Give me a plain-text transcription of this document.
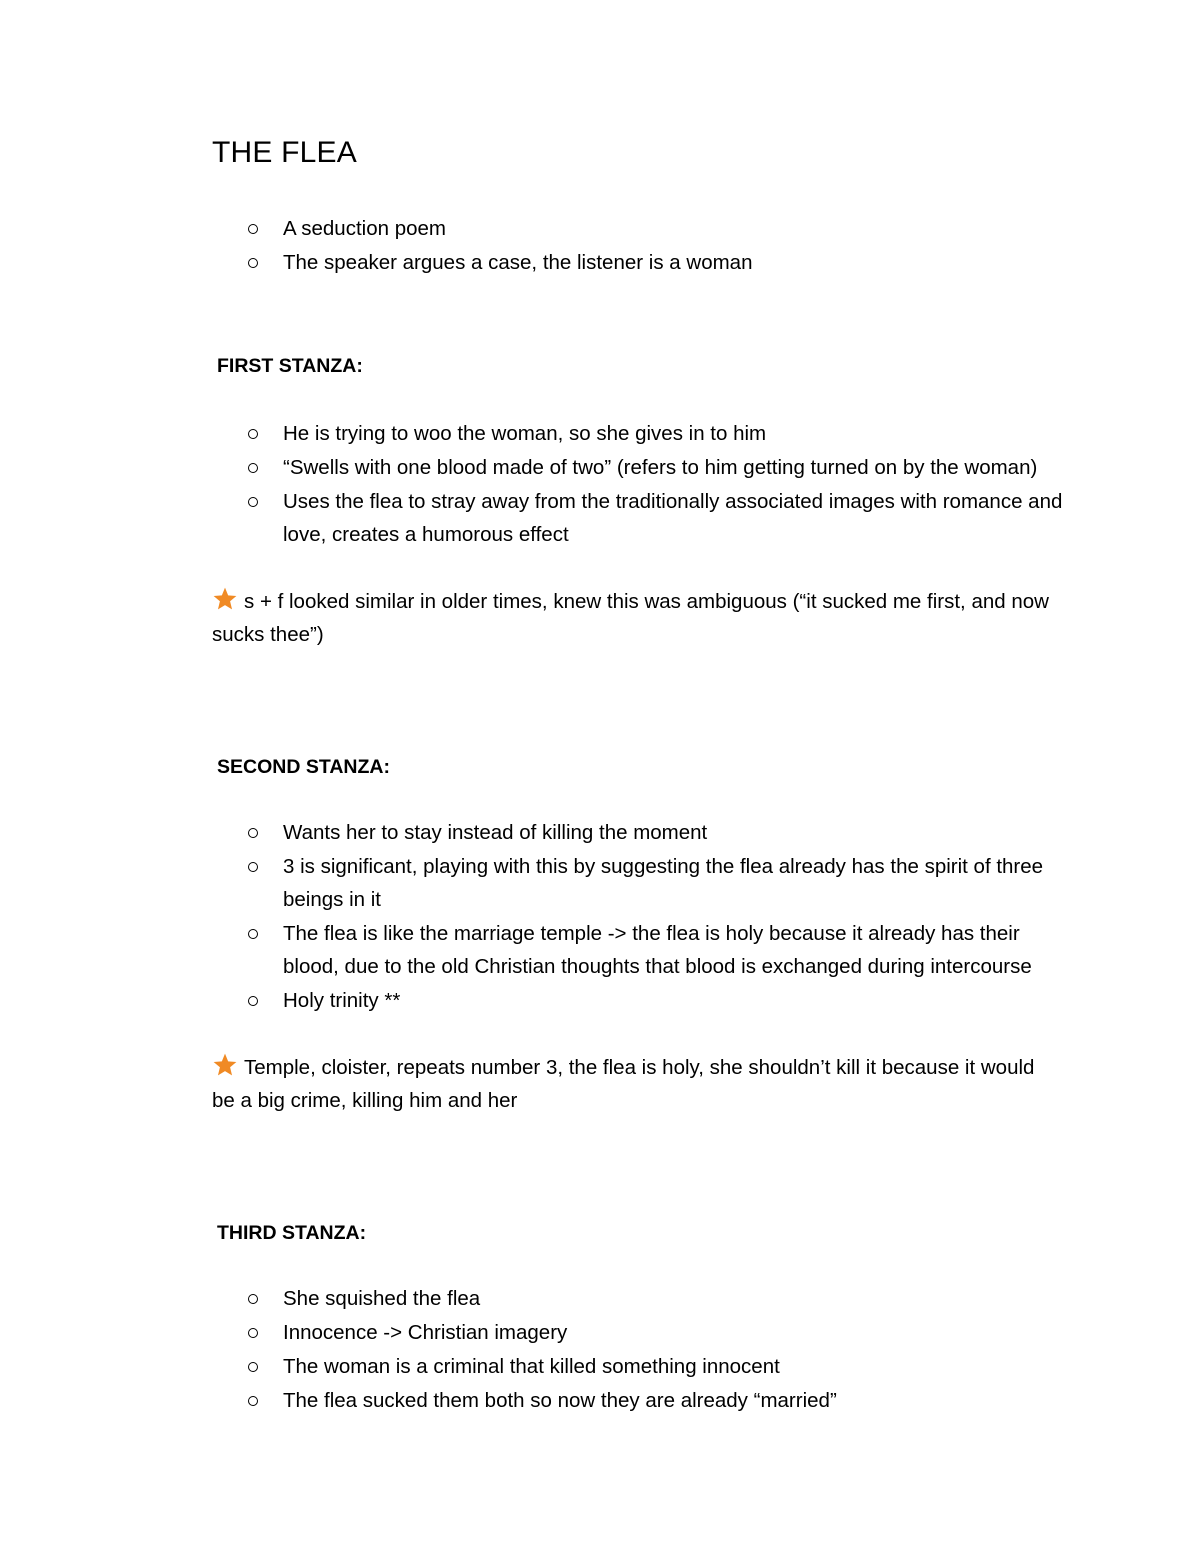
THE FLEA
A seduction poem
The speaker argues a case, the listener is a woman
FIRST STANZA:
He is trying to woo the woman, so she gives in to him
“Swells with one blood made of two” (refers to him getting turned on by the woman)
Uses the flea to stray away from the traditionally associated images with romance and love, creates a humorous effect
s + f looked similar in older times, knew this was ambiguous (“it sucked me first, and now sucks thee”)
SECOND STANZA:
Wants her to stay instead of killing the moment
3 is significant, playing with this by suggesting the flea already has the spirit of three beings in it
The flea is like the marriage temple -> the flea is holy because it already has their blood, due to the old Christian thoughts that blood is exchanged during intercourse
Holy trinity **
Temple, cloister, repeats number 3, the flea is holy, she shouldn’t kill it because it would be a big crime, killing him and her
THIRD STANZA:
She squished the flea
Innocence -> Christian imagery
The woman is a criminal that killed something innocent
The flea sucked them both so now they are already “married”
